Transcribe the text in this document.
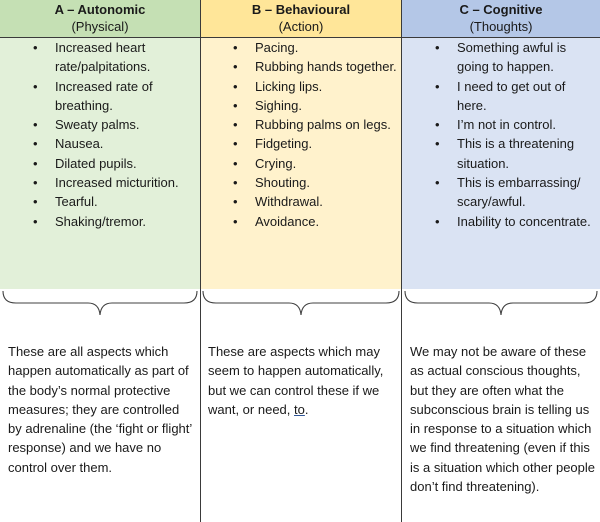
A – Autonomic
(Physical)
• Increased heart rate/palpitations.
• Increased rate of breathing.
• Sweaty palms.
• Nausea.
• Dilated pupils.
• Increased micturition.
• Tearful.
• Shaking/tremor.
These are all aspects which happen automatically as part of the body’s normal protective measures; they are controlled by adrenaline (the ‘fight or flight’ response) and we have no control over them.
B – Behavioural
(Action)
• Pacing.
• Rubbing hands together.
• Licking lips.
• Sighing.
• Rubbing palms on legs.
• Fidgeting.
• Crying.
• Shouting.
• Withdrawal.
• Avoidance.
These are aspects which may seem to happen automatically, but we can control these if we want, or need, to.
C – Cognitive
(Thoughts)
• Something awful is going to happen.
• I need to get out of here.
• I’m not in control.
• This is a threatening situation.
• This is embarrassing/ scary/awful.
• Inability to concentrate.
We may not be aware of these as actual conscious thoughts, but they are often what the subconscious brain is telling us in response to a situation which we find threatening (even if this is a situation which other people don’t find threatening).
